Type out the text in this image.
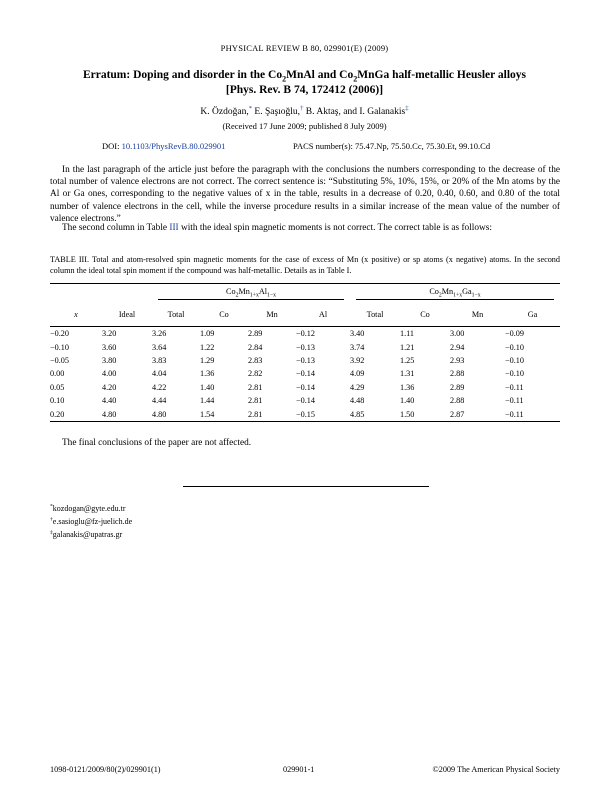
PHYSICAL REVIEW B 80, 029901(E) (2009)
Erratum: Doping and disorder in the $Co_2MnAl$ and $Co_2MnGa$ half-metallic Heusler alloys
[Phys. Rev. B 74, 172412 (2006)]
K. Özdoğan,* E. Şaşıoğlu,† B. Aktaş, and I. Galanakis‡
(Received 17 June 2009; published 8 July 2009)
DOI: 10.1103/PhysRevB.80.029901	PACS number(s): 75.47.Np, 75.50.Cc, 75.30.Et, 99.10.Cd
In the last paragraph of the article just before the paragraph with the conclusions the numbers corresponding to the decrease of the total number of valence electrons are not correct. The correct sentence is: “Substituting 5%, 10%, 15%, or 20% of the Mn atoms by the Al or Ga ones, corresponding to the negative values of x in the table, results in a decrease of 0.20, 0.40, 0.60, and 0.80 of the total number of valence electrons in the cell, while the inverse procedure results in a similar increase of the mean value of the number of valence electrons.”
The second column in Table III with the ideal spin magnetic moments is not correct. The correct table is as follows:
TABLE III. Total and atom-resolved spin magnetic moments for the case of excess of Mn (x positive) or sp atoms (x negative) atoms. In the second column the ideal total spin moment if the compound was half-metallic. Details as in Table I.

		$Co_2Mn_{1+x}Al_{1-x}$				$Co_2Mn_{1+x}Ga_{1-x}$

x	Ideal	Total	Co	Mn	Al	Total	Co	Mn	Ga
−0.20	3.20	3.26	1.09	2.89	−0.12	3.40	1.11	3.00	−0.09
−0.10	3.60	3.64	1.22	2.84	−0.13	3.74	1.21	2.94	−0.10
−0.05	3.80	3.83	1.29	2.83	−0.13	3.92	1.25	2.93	−0.10
0.00	4.00	4.04	1.36	2.82	−0.14	4.09	1.31	2.88	−0.10
0.05	4.20	4.22	1.40	2.81	−0.14	4.29	1.36	2.89	−0.11
0.10	4.40	4.44	1.44	2.81	−0.14	4.48	1.40	2.88	−0.11
0.20	4.80	4.80	1.54	2.81	−0.15	4.85	1.50	2.87	−0.11
The final conclusions of the paper are not affected.
*kozdogan@gyte.edu.tr
†e.sasioglu@fz-juelich.de
‡galanakis@upatras.gr
1098-0121/2009/80(2)/029901(1)	029901-1	©2009 The American Physical Society
